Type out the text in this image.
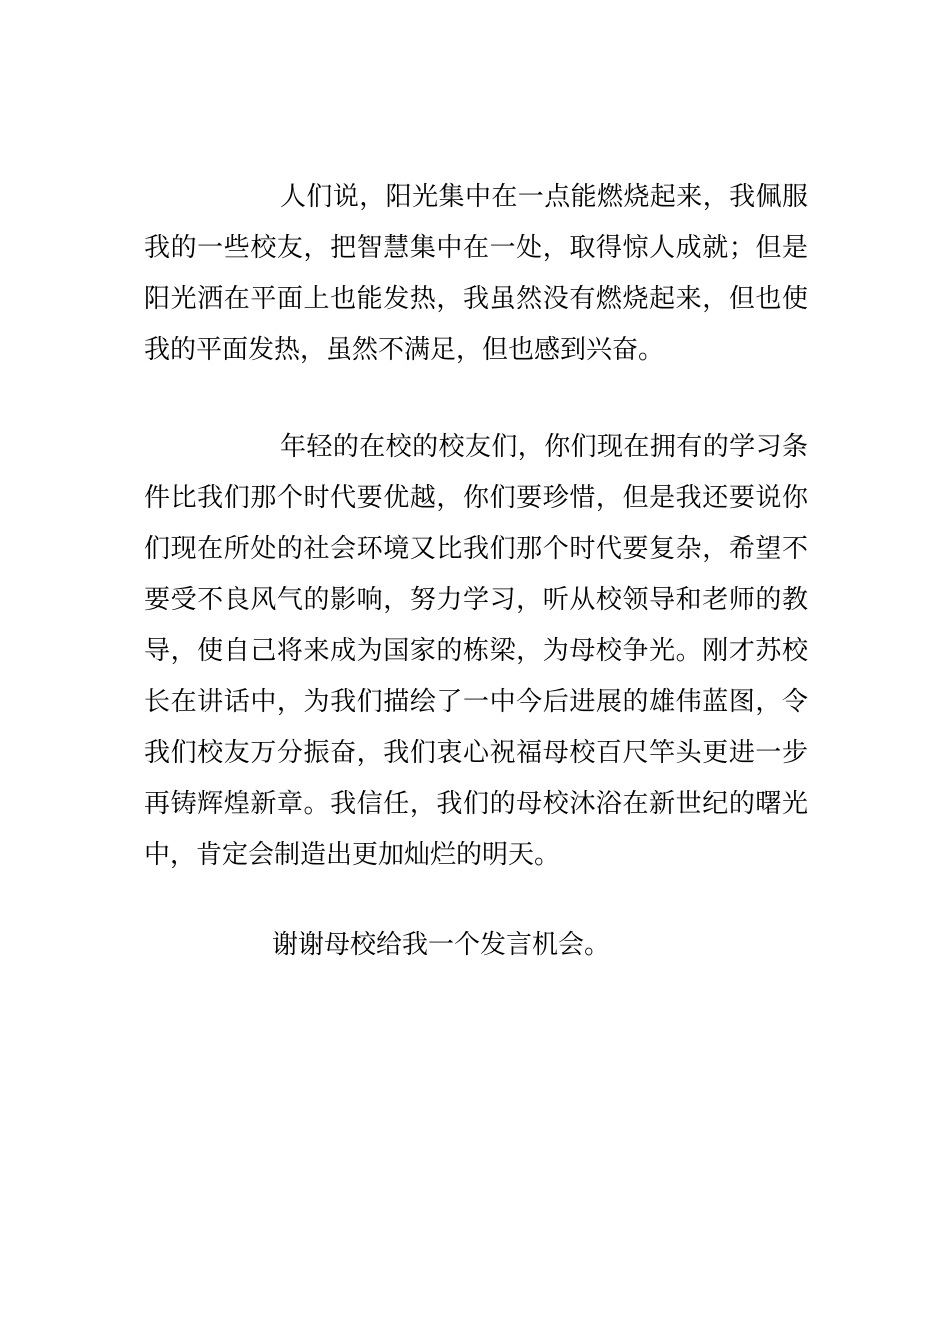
人们说，阳光集中在一点能燃烧起来，我佩服
我的一些校友，把智慧集中在一处，取得惊人成就；但是
阳光洒在平面上也能发热，我虽然没有燃烧起来，但也使
我的平面发热，虽然不满足，但也感到兴奋。
年轻的在校的校友们，你们现在拥有的学习条
件比我们那个时代要优越，你们要珍惜，但是我还要说你
们现在所处的社会环境又比我们那个时代要复杂，希望不
要受不良风气的影响，努力学习，听从校领导和老师的教
导，使自己将来成为国家的栋梁，为母校争光。刚才苏校
长在讲话中，为我们描绘了一中今后进展的雄伟蓝图，令
我们校友万分振奋，我们衷心祝福母校百尺竿头更进一步
再铸辉煌新章。我信任，我们的母校沐浴在新世纪的曙光
中，肯定会制造出更加灿烂的明天。
谢谢母校给我一个发言机会。
